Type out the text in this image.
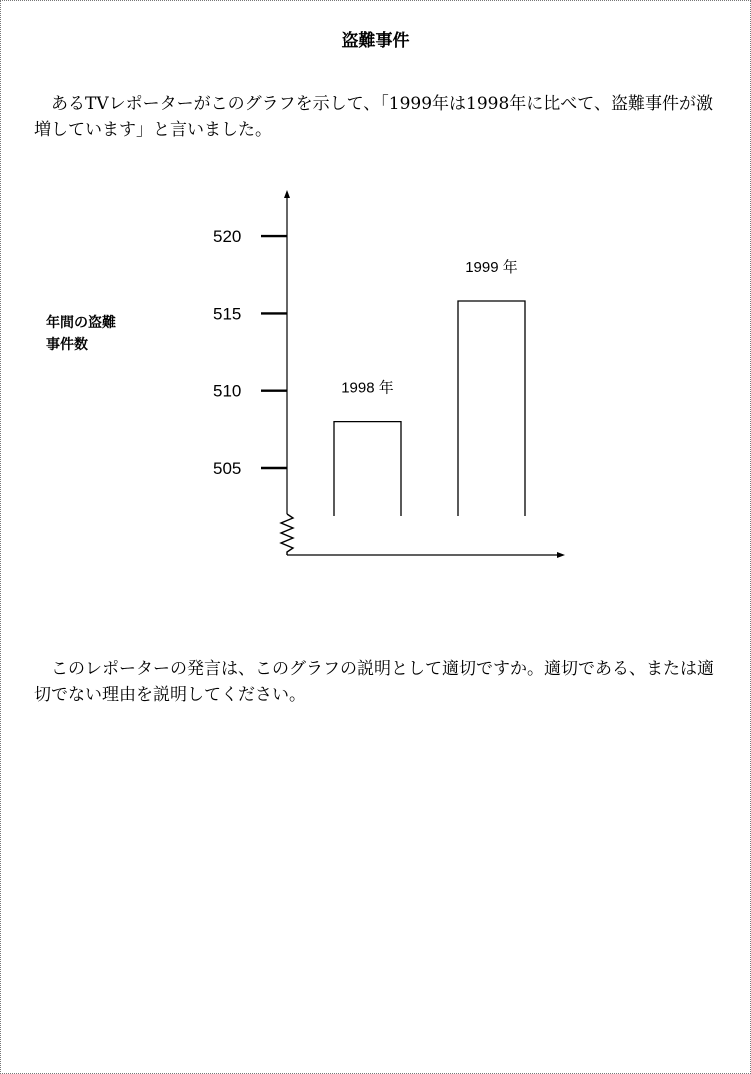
盗難事件

あるTVレポーターがこのグラフを示して、「1999年は1998年に比べて、盗難事件が激増しています」と言いました。

年間の盗難
事件数
505
510
515
520
1998 年
1999 年

このレポーターの発言は、このグラフの説明として適切ですか。適切である、または適切でない理由を説明してください。
